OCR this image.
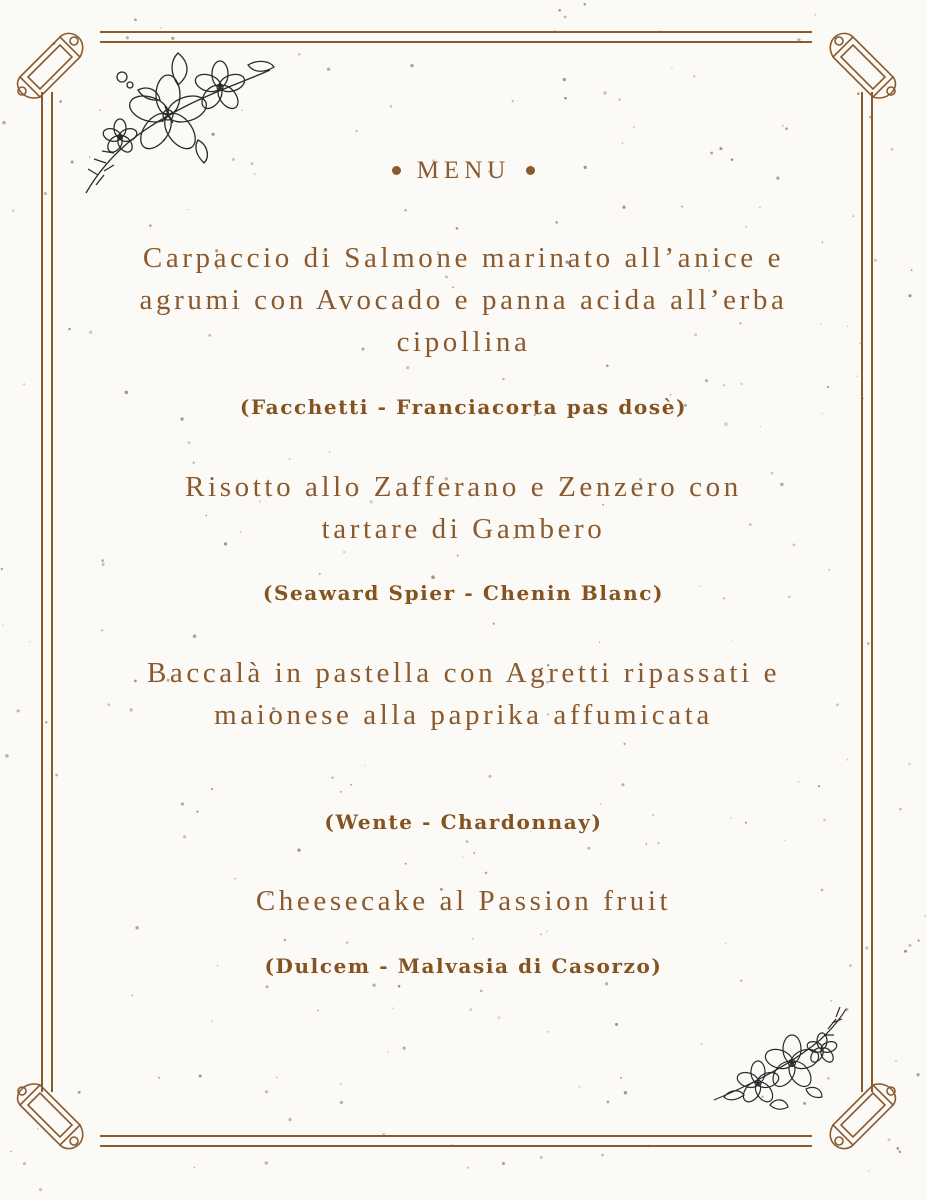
MENU
Carpaccio di Salmone marinato all’anice e agrumi con Avocado e panna acida all’erba cipollina
(Facchetti - Franciacorta pas dosè)
Risotto allo Zafferano e Zenzero con tartare di Gambero
(Seaward Spier - Chenin Blanc)
Baccalà in pastella con Agretti ripassati e maionese alla paprika affumicata
(Wente - Chardonnay)
Cheesecake al Passion fruit
(Dulcem - Malvasia di Casorzo)
